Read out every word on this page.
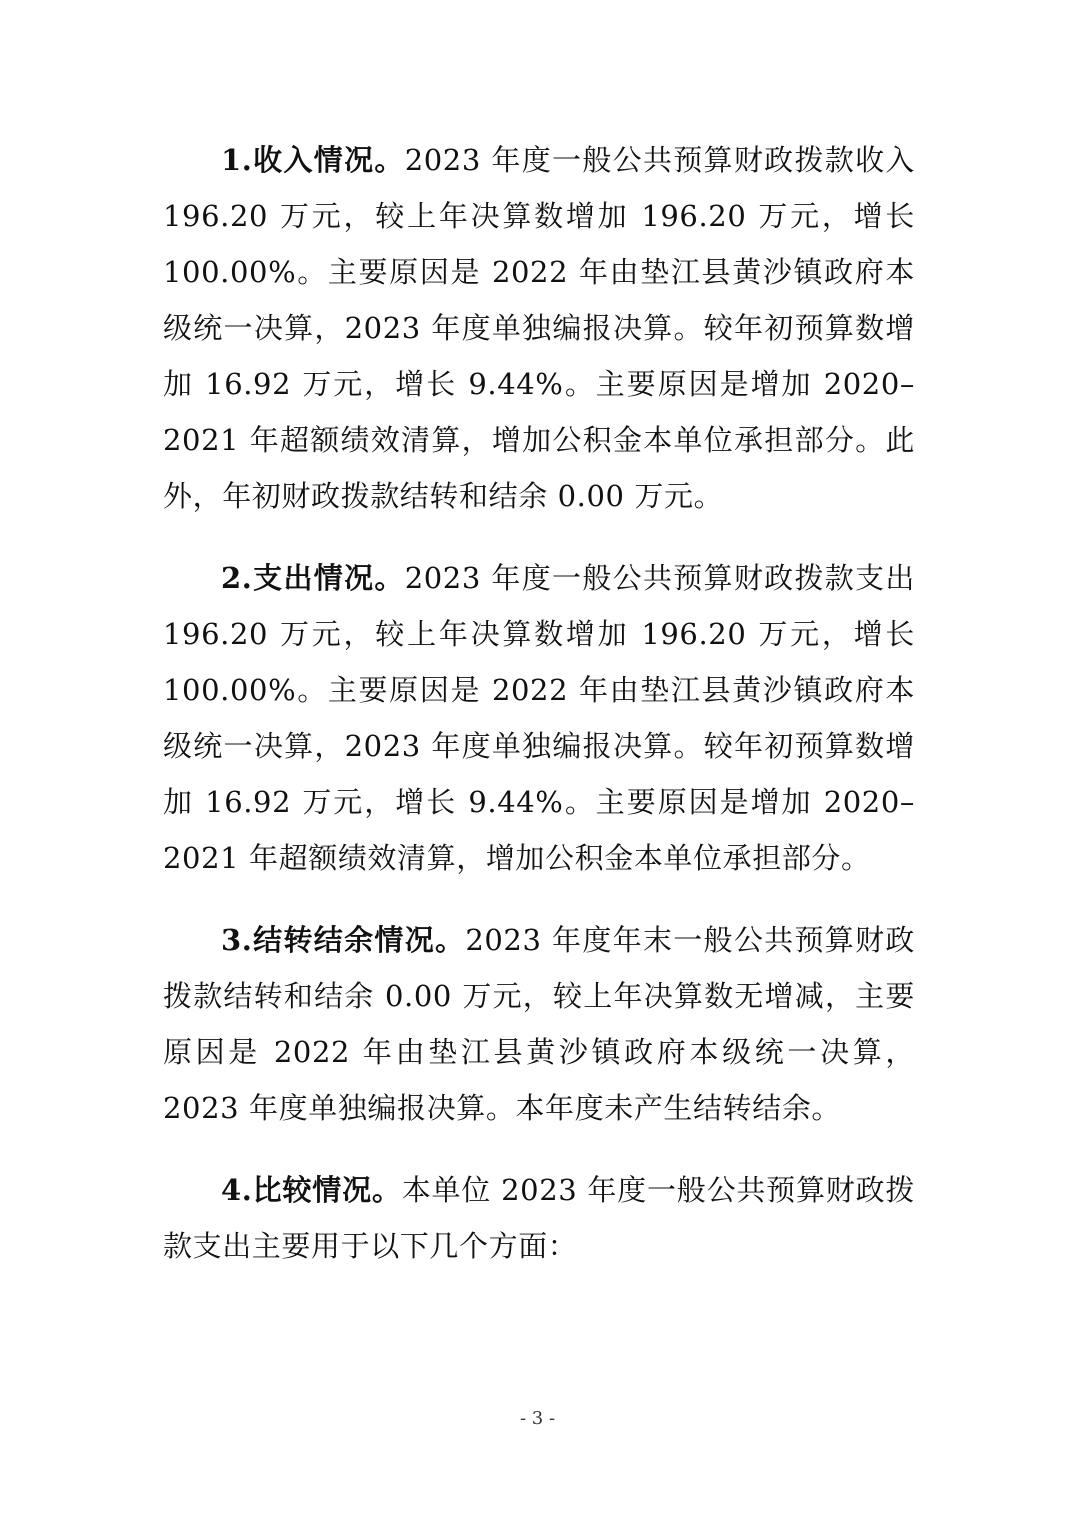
1.收入情况。2023 年度一般公共预算财政拨款收入 196.20 万元，较上年决算数增加 196.20 万元，增长 100.00%。主要原因是 2022 年由垫江县黄沙镇政府本级统一决算，2023 年度单独编报决算。较年初预算数增加 16.92 万元，增长 9.44%。主要原因是增加 2020–2021 年超额绩效清算，增加公积金本单位承担部分。此外，年初财政拨款结转和结余 0.00 万元。

2.支出情况。2023 年度一般公共预算财政拨款支出 196.20 万元，较上年决算数增加 196.20 万元，增长 100.00%。主要原因是 2022 年由垫江县黄沙镇政府本级统一决算，2023 年度单独编报决算。较年初预算数增加 16.92 万元，增长 9.44%。主要原因是增加 2020–2021 年超额绩效清算，增加公积金本单位承担部分。

3.结转结余情况。2023 年度年末一般公共预算财政拨款结转和结余 0.00 万元，较上年决算数无增减，主要原因是 2022 年由垫江县黄沙镇政府本级统一决算，2023 年度单独编报决算。本年度未产生结转结余。

4.比较情况。本单位 2023 年度一般公共预算财政拨款支出主要用于以下几个方面：

- 3 -
